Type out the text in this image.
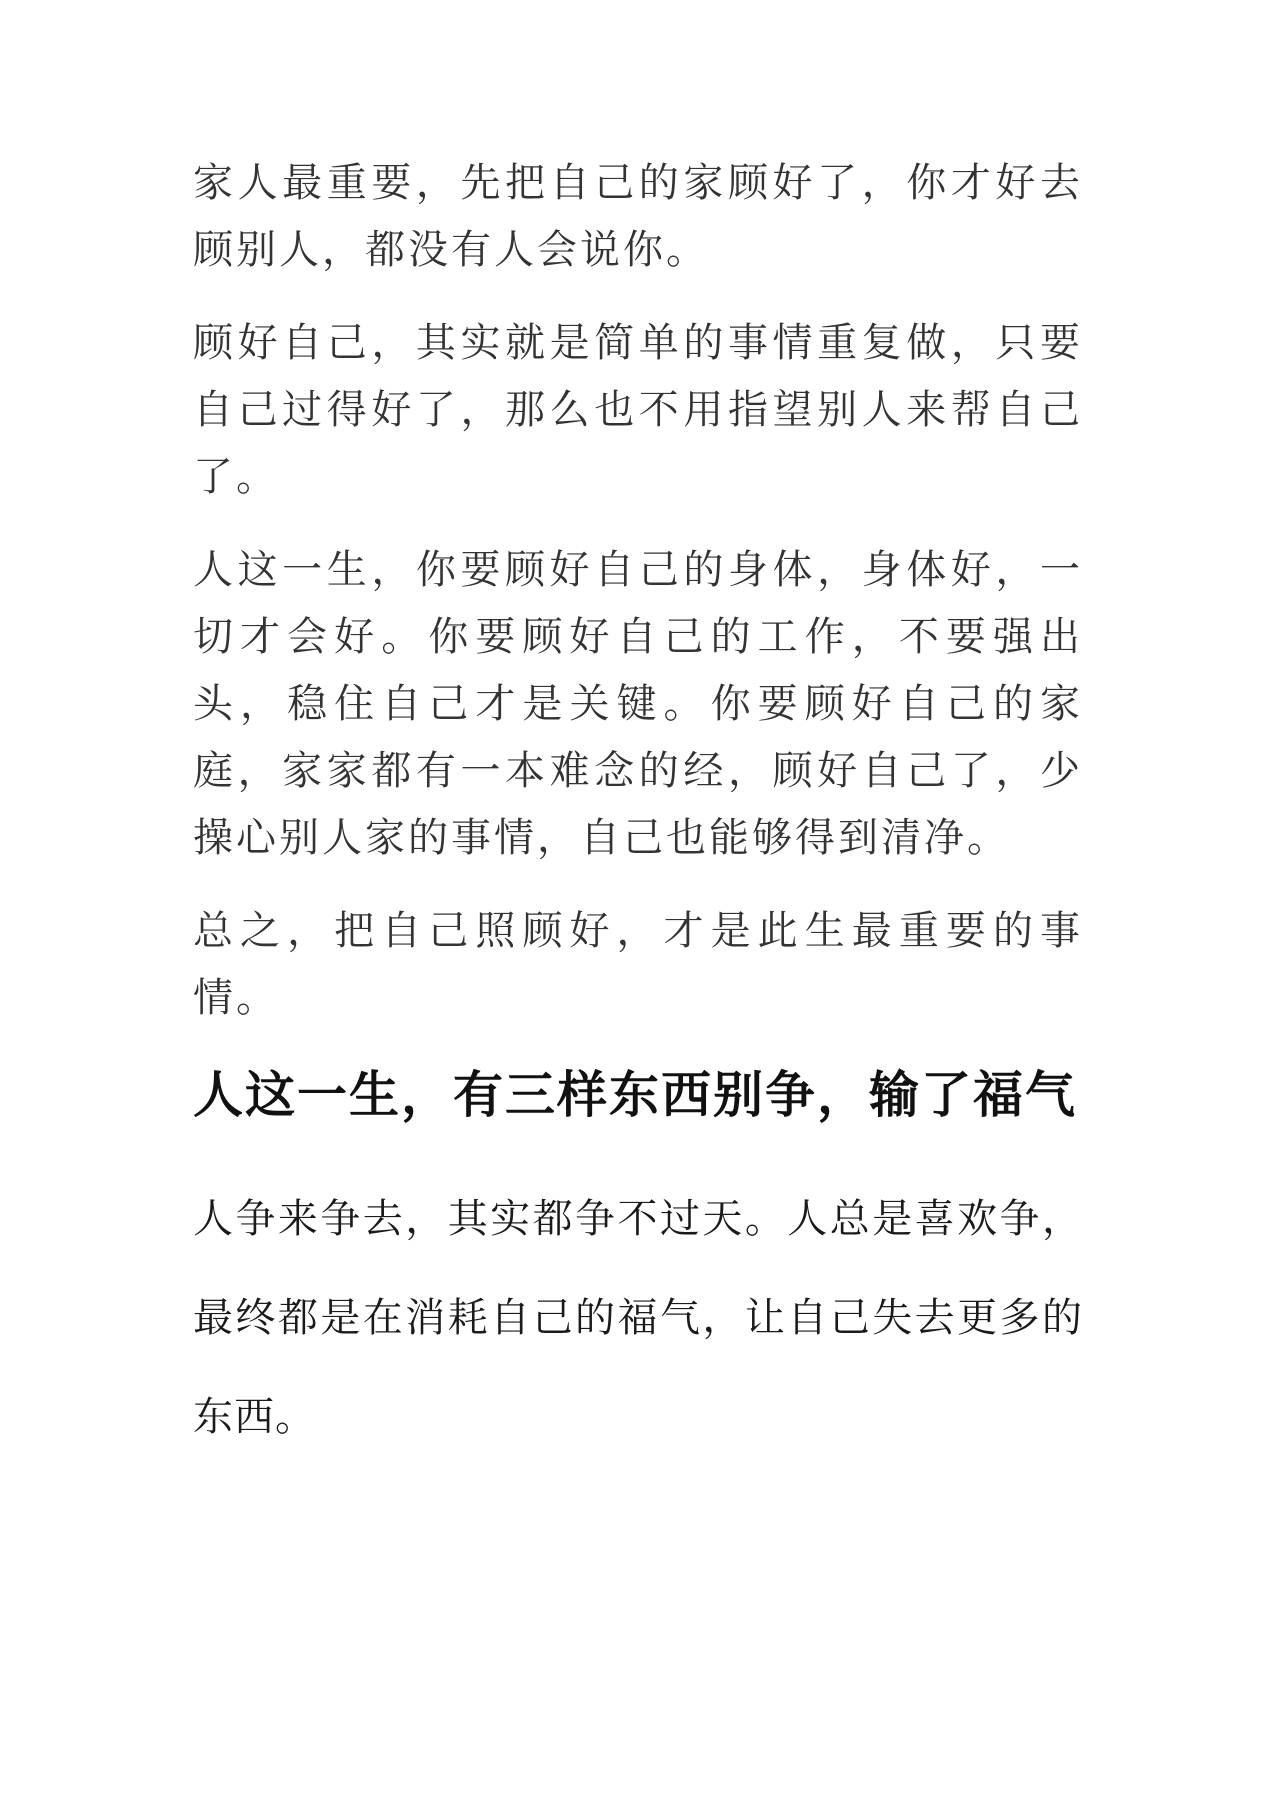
家人最重要，先把自己的家顾好了，你才好去顾别人，都没有人会说你。

顾好自己，其实就是简单的事情重复做，只要自己过得好了，那么也不用指望别人来帮自己了。

人这一生，你要顾好自己的身体，身体好，一切才会好。你要顾好自己的工作，不要强出头，稳住自己才是关键。你要顾好自己的家庭，家家都有一本难念的经，顾好自己了，少操心别人家的事情，自己也能够得到清净。

总之，把自己照顾好，才是此生最重要的事情。

人这一生，有三样东西别争，输了福气

人争来争去，其实都争不过天。人总是喜欢争，最终都是在消耗自己的福气，让自己失去更多的东西。
